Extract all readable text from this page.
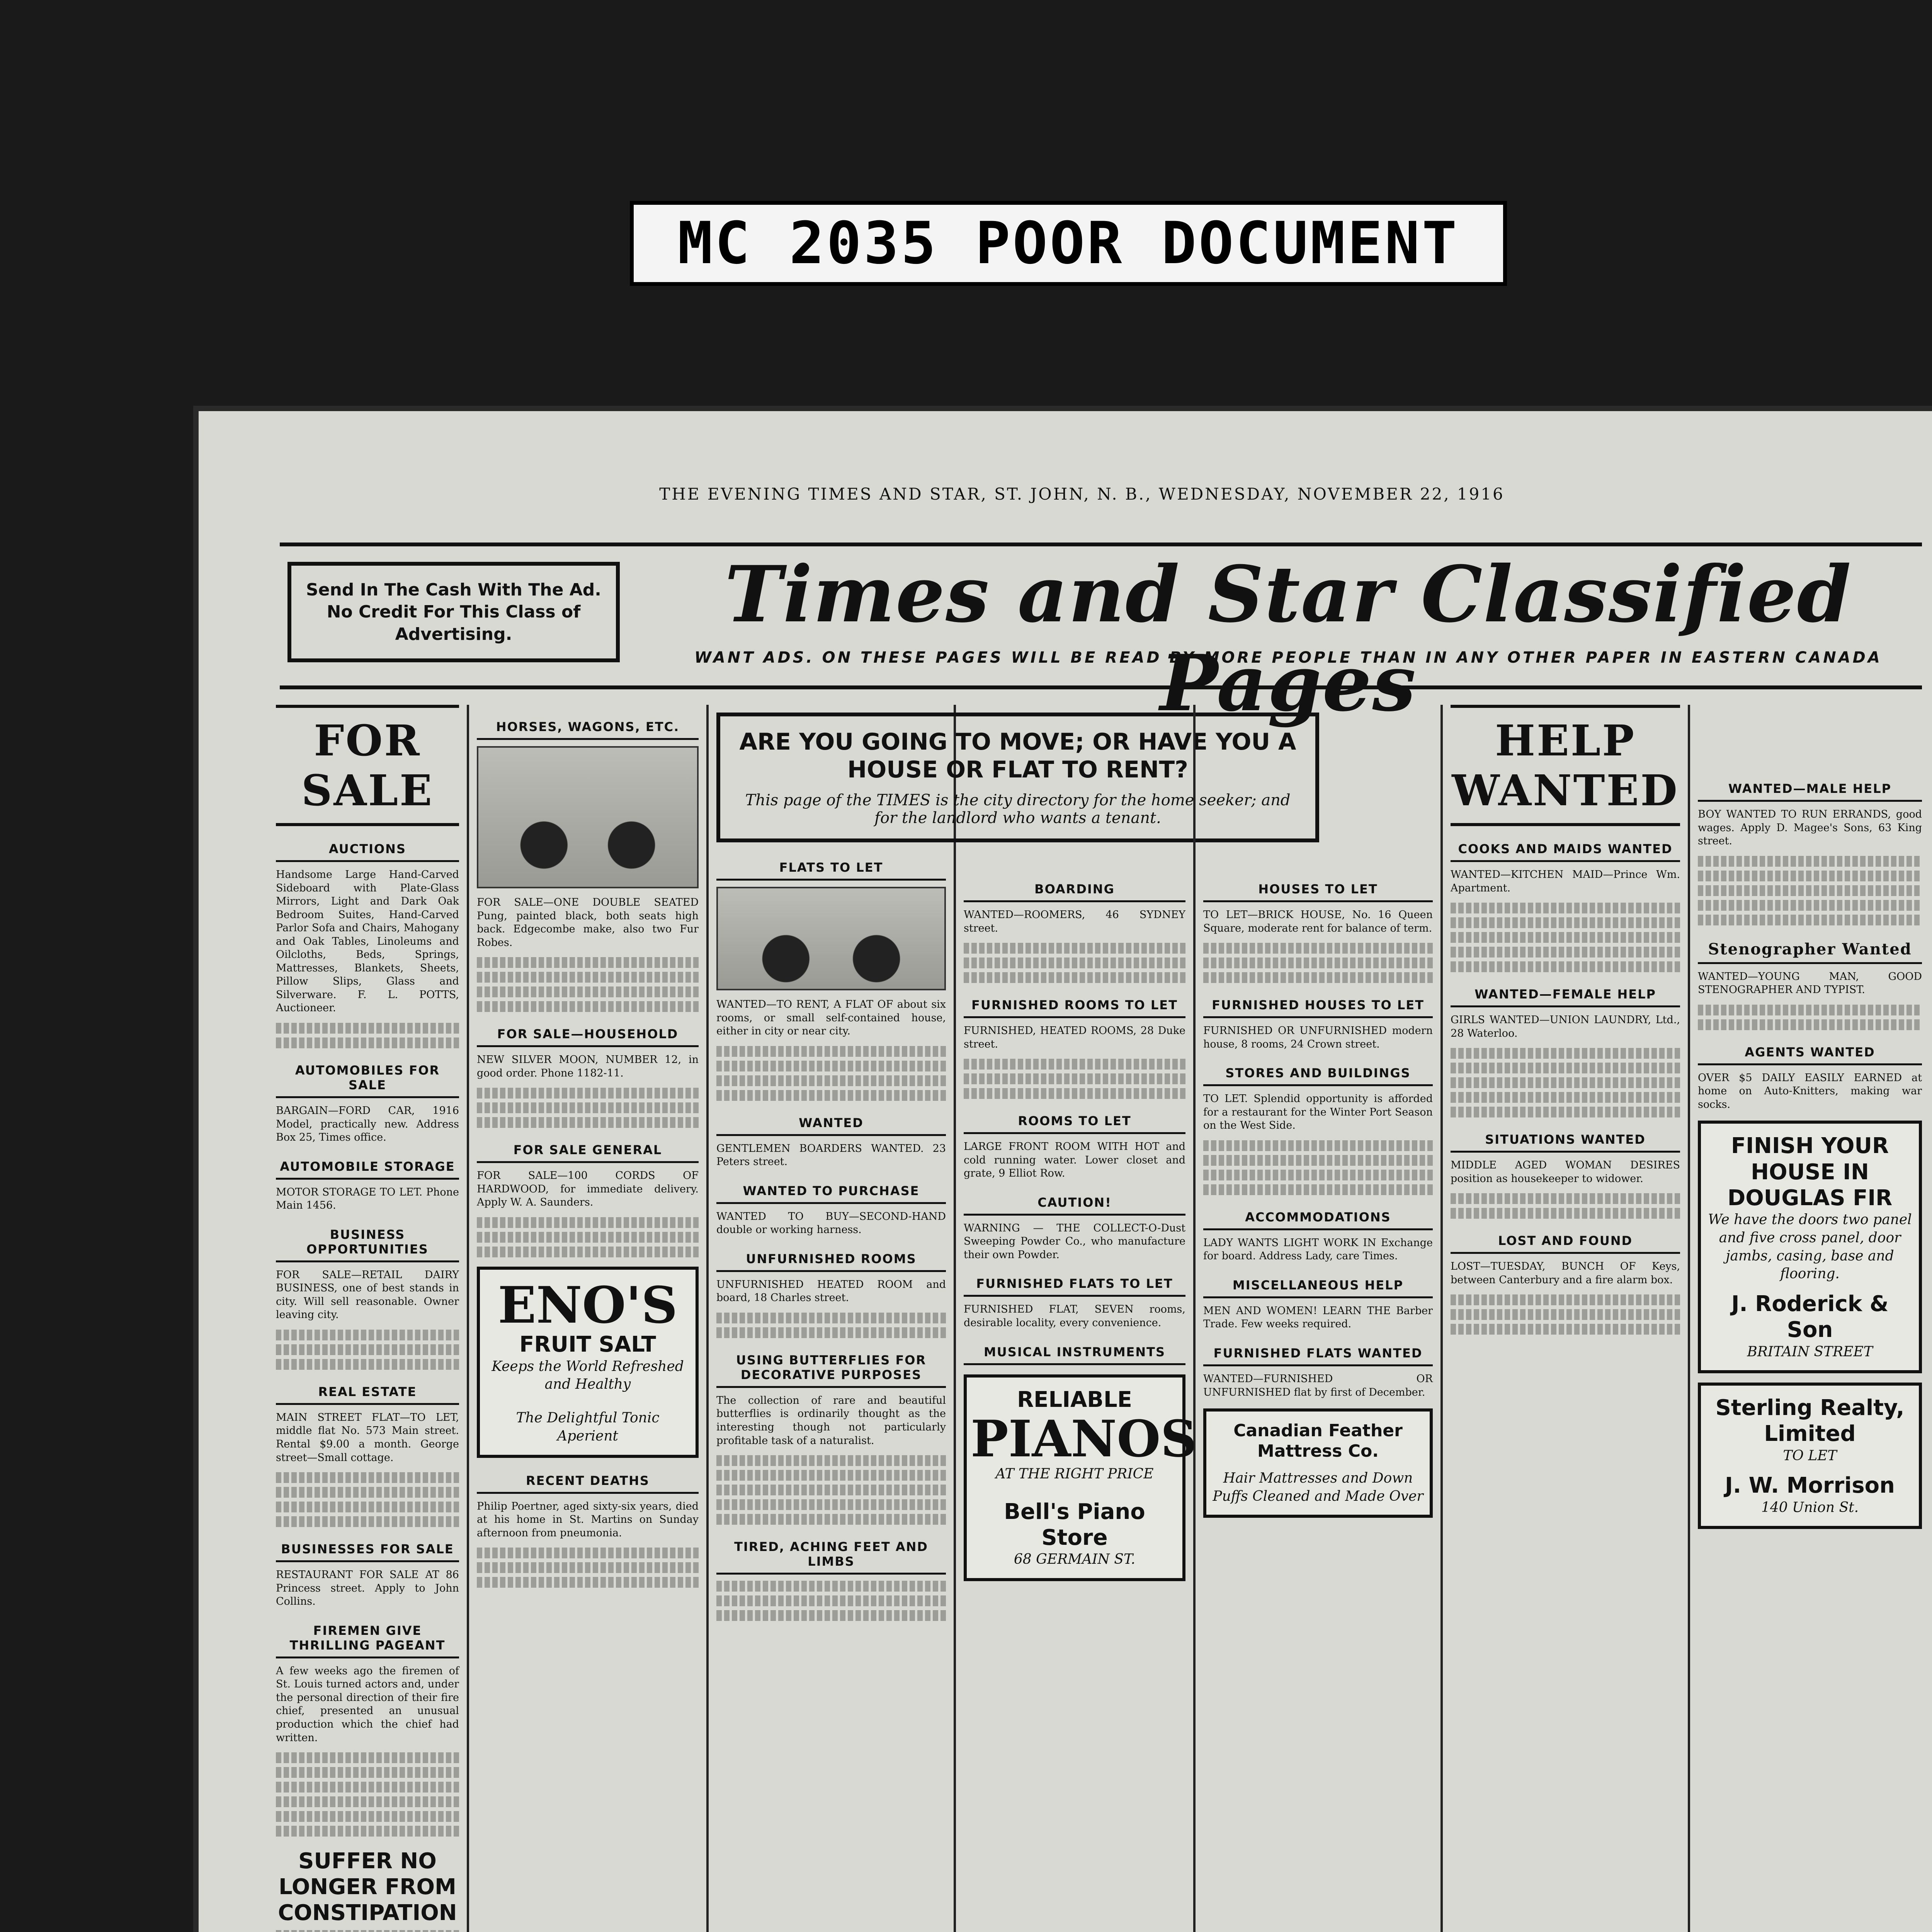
MC 2035 POOR DOCUMENT
THE EVENING TIMES AND STAR, ST. JOHN, N. B., WEDNESDAY, NOVEMBER 22, 1916
Send In The Cash With The Ad. No Credit For This Class of Advertising.	Times and Star Classified Pages
WANT ADS. ON THESE PAGES WILL BE READ BY MORE PEOPLE THAN IN ANY OTHER PAPER IN EASTERN CANADA
FOR SALE
AUCTIONS
Handsome Large Hand-Carved Sideboard with Plate-Glass Mirrors, Light and Dark Oak Bedroom Suites, Hand-Carved Parlor Sofa and Chairs, Mahogany and Oak Tables, Linoleums and Oilcloths, Beds, Springs, Mattresses, Blankets, Sheets, Pillow Slips, Glass and Silverware. F. L. POTTS, Auctioneer.
AUTOMOBILES FOR SALE
BARGAIN—FORD CAR, 1916 Model, practically new. Address Box 25, Times office.
AUTOMOBILE STORAGE
MOTOR STORAGE TO LET. Phone Main 1456.
BUSINESS OPPORTUNITIES
FOR SALE—RETAIL DAIRY BUSINESS, one of best stands in city. Will sell reasonable. Owner leaving city.
REAL ESTATE
MAIN STREET FLAT—TO LET, middle flat No. 573 Main street. Rental $9.00 a month. George street—Small cottage.
BUSINESSES FOR SALE
RESTAURANT FOR SALE AT 86 Princess street. Apply to John Collins.
FIREMEN GIVE THRILLING PAGEANT
A few weeks ago the firemen of St. Louis turned actors and, under the personal direction of their fire chief, presented an unusual production which the chief had written.
SUFFER NO LONGER FROM CONSTIPATION
HORSES, WAGONS, ETC.
FOR SALE—ONE DOUBLE SEATED Pung, painted black, both seats high back. Edgecombe make, also two Fur Robes.
FOR SALE—HOUSEHOLD
NEW SILVER MOON, NUMBER 12, in good order. Phone 1182-11.
FOR SALE GENERAL
FOR SALE—100 CORDS OF HARDWOOD, for immediate delivery. Apply W. A. Saunders.
ENO'S
FRUIT SALT
Keeps the World Refreshed and Healthy
The Delightful Tonic Aperient
RECENT DEATHS
Philip Poertner, aged sixty-six years, died at his home in St. Martins on Sunday afternoon from pneumonia.
ARE YOU GOING TO MOVE; OR HAVE YOU A HOUSE OR FLAT TO RENT?
This page of the TIMES is the city directory for the home seeker; and for the landlord who wants a tenant.
FLATS TO LET
WANTED—TO RENT, A FLAT OF about six rooms, or small self-contained house, either in city or near city.
WANTED
GENTLEMEN BOARDERS WANTED. 23 Peters street.
WANTED TO PURCHASE
WANTED TO BUY—SECOND-HAND double or working harness.
UNFURNISHED ROOMS
UNFURNISHED HEATED ROOM and board, 18 Charles street.
USING BUTTERFLIES FOR DECORATIVE PURPOSES
The collection of rare and beautiful butterflies is ordinarily thought as the interesting though not particularly profitable task of a naturalist.
TIRED, ACHING FEET AND LIMBS
BOARDING
WANTED—ROOMERS, 46 SYDNEY street.
FURNISHED ROOMS TO LET
FURNISHED, HEATED ROOMS, 28 Duke street.
ROOMS TO LET
LARGE FRONT ROOM WITH HOT and cold running water. Lower closet and grate, 9 Elliot Row.
CAUTION!
WARNING — THE COLLECT-O-Dust Sweeping Powder Co., who manufacture their own Powder.
FURNISHED FLATS TO LET
FURNISHED FLAT, SEVEN rooms, desirable locality, every convenience.
MUSICAL INSTRUMENTS
RELIABLE
PIANOS
AT THE RIGHT PRICE
Bell's Piano Store
68 GERMAIN ST.
HOUSES TO LET
TO LET—BRICK HOUSE, No. 16 Queen Square, moderate rent for balance of term.
FURNISHED HOUSES TO LET
FURNISHED OR UNFURNISHED modern house, 8 rooms, 24 Crown street.
STORES AND BUILDINGS
TO LET. Splendid opportunity is afforded for a restaurant for the Winter Port Season on the West Side.
ACCOMMODATIONS
LADY WANTS LIGHT WORK IN Exchange for board. Address Lady, care Times.
MISCELLANEOUS HELP
MEN AND WOMEN! LEARN THE Barber Trade. Few weeks required.
FURNISHED FLATS WANTED
WANTED—FURNISHED OR UNFURNISHED flat by first of December.
Canadian Feather Mattress Co.
Hair Mattresses and Down Puffs Cleaned and Made Over
HELP WANTED
COOKS AND MAIDS WANTED
WANTED—KITCHEN MAID—Prince Wm. Apartment.
WANTED—FEMALE HELP
GIRLS WANTED—UNION LAUNDRY, Ltd., 28 Waterloo.
SITUATIONS WANTED
MIDDLE AGED WOMAN DESIRES position as housekeeper to widower.
LOST AND FOUND
LOST—TUESDAY, BUNCH OF Keys, between Canterbury and a fire alarm box.
WANTED—MALE HELP
BOY WANTED TO RUN ERRANDS, good wages. Apply D. Magee's Sons, 63 King street.
Stenographer Wanted
WANTED—YOUNG MAN, GOOD STENOGRAPHER AND TYPIST.
AGENTS WANTED
OVER $5 DAILY EASILY EARNED at home on Auto-Knitters, making war socks.
FINISH YOUR HOUSE IN DOUGLAS FIR
We have the doors two panel and five cross panel, door jambs, casing, base and flooring.
J. Roderick & Son
BRITAIN STREET
Sterling Realty, Limited
TO LET
J. W. Morrison
140 Union St.
